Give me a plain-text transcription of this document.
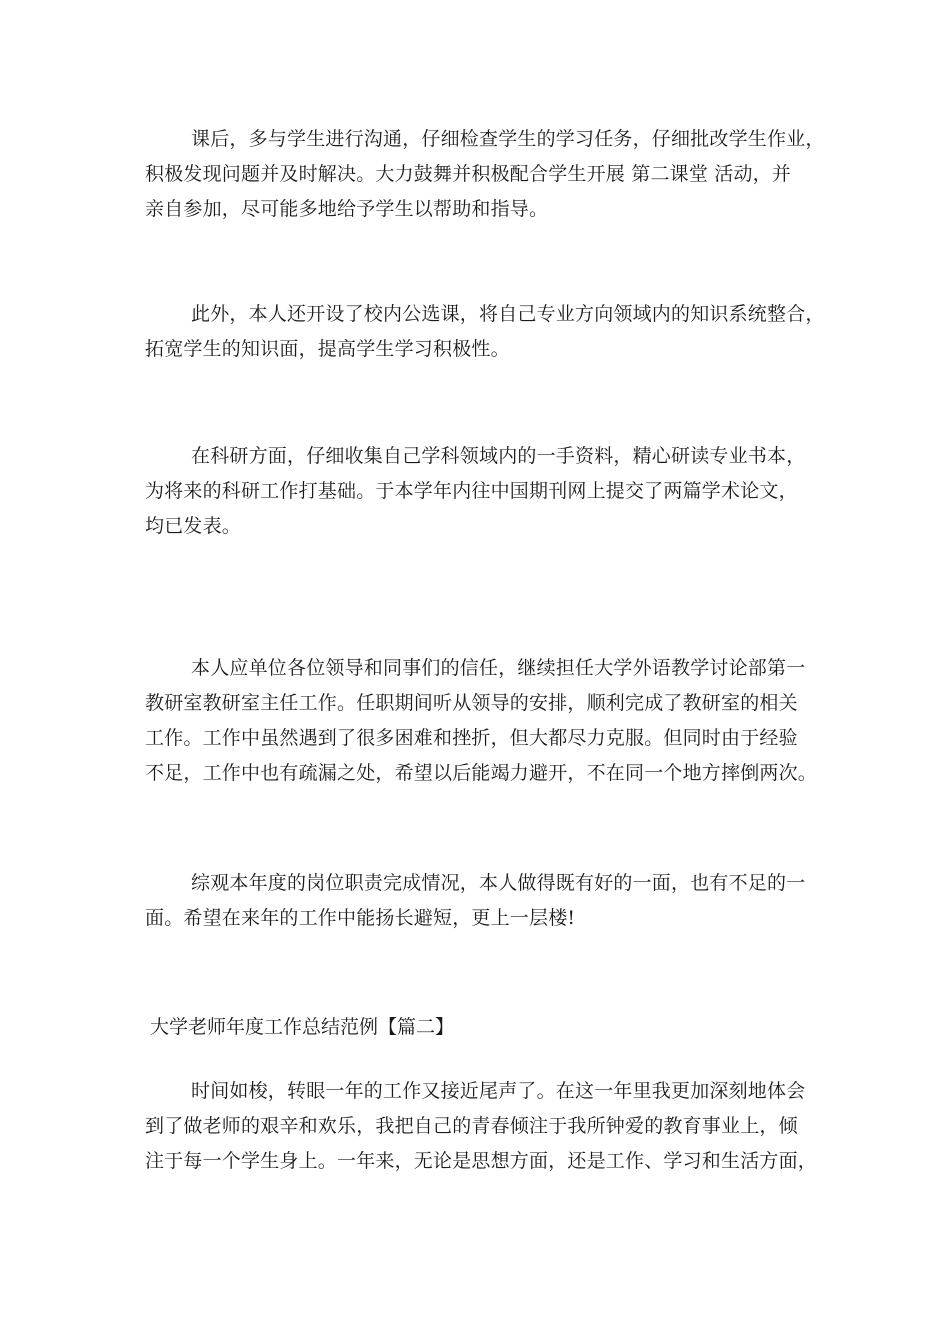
课后，多与学生进行沟通，仔细检查学生的学习任务，仔细批改学生作业，
积极发现问题并及时解决。大力鼓舞并积极配合学生开展 第二课堂 活动，并
亲自参加，尽可能多地给予学生以帮助和指导。

此外，本人还开设了校内公选课，将自己专业方向领域内的知识系统整合，
拓宽学生的知识面，提高学生学习积极性。

在科研方面，仔细收集自己学科领域内的一手资料，精心研读专业书本，
为将来的科研工作打基础。于本学年内往中国期刊网上提交了两篇学术论文，
均已发表。

本人应单位各位领导和同事们的信任，继续担任大学外语教学讨论部第一
教研室教研室主任工作。任职期间听从领导的安排，顺利完成了教研室的相关
工作。工作中虽然遇到了很多困难和挫折，但大都尽力克服。但同时由于经验
不足，工作中也有疏漏之处，希望以后能竭力避开，不在同一个地方摔倒两次。

综观本年度的岗位职责完成情况，本人做得既有好的一面，也有不足的一
面。希望在来年的工作中能扬长避短，更上一层楼!

大学老师年度工作总结范例【篇二】

时间如梭，转眼一年的工作又接近尾声了。在这一年里我更加深刻地体会
到了做老师的艰辛和欢乐，我把自己的青春倾注于我所钟爱的教育事业上，倾
注于每一个学生身上。一年来，无论是思想方面，还是工作、学习和生活方面，
